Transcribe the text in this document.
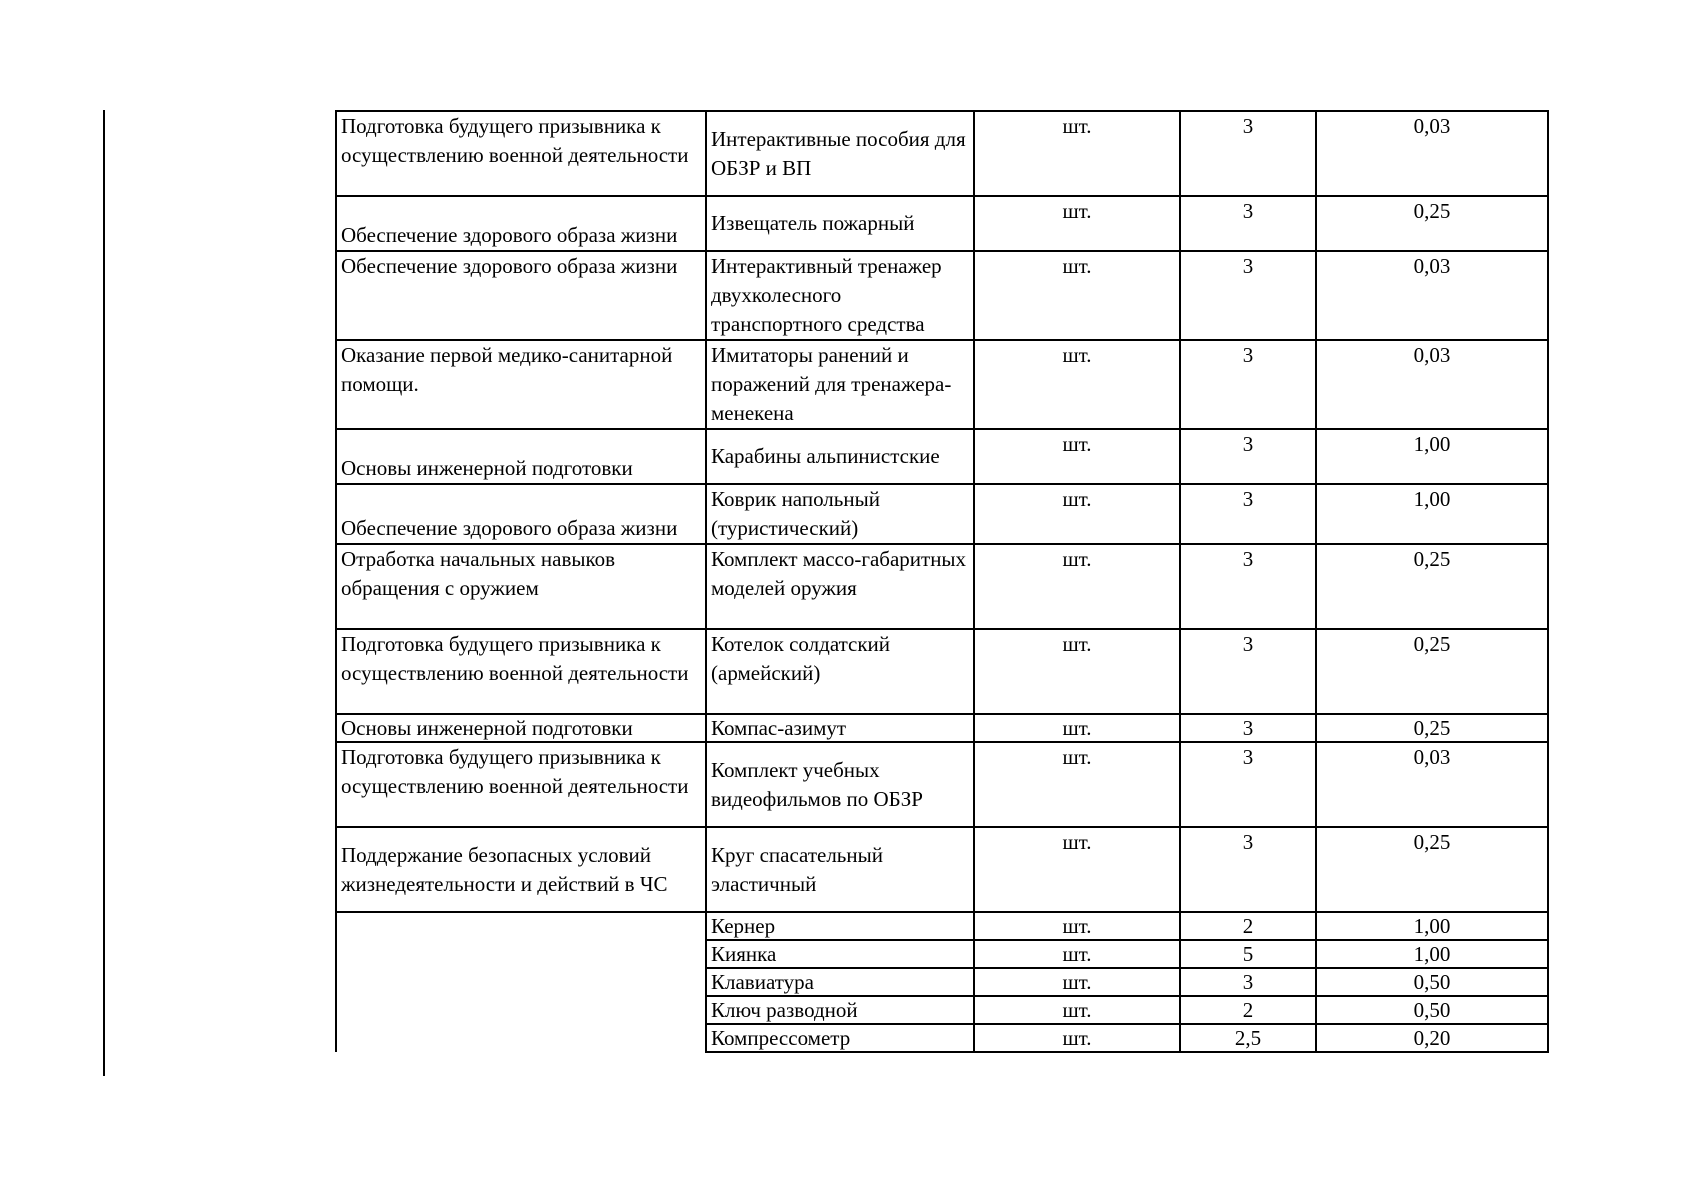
Подготовка будущего призывника к осуществлению военной деятельности	Интерактивные пособия для ОБЗР и ВП	шт.	3	0,03
Обеспечение здорового образа жизни	Извещатель пожарный	шт.	3	0,25
Обеспечение здорового образа жизни	Интерактивный тренажер двухколесного транспортного средства	шт.	3	0,03
Оказание первой медико-санитарной помощи.	Имитаторы ранений и поражений для тренажера-менекена	шт.	3	0,03
Основы инженерной подготовки	Карабины альпинистские	шт.	3	1,00
Обеспечение здорового образа жизни	Коврик напольный (туристический)	шт.	3	1,00
Отработка начальных навыков обращения с оружием	Комплект массо-габаритных моделей оружия	шт.	3	0,25
Подготовка будущего призывника к осуществлению военной деятельности	Котелок солдатский (армейский)	шт.	3	0,25
Основы инженерной подготовки	Компас-азимут	шт.	3	0,25
Подготовка будущего призывника к осуществлению военной деятельности	Комплект учебных видеофильмов по ОБЗР	шт.	3	0,03
Поддержание безопасных условий жизнедеятельности и действий в ЧС	Круг спасательный эластичный	шт.	3	0,25
	Кернер	шт.	2	1,00
	Киянка	шт.	5	1,00
	Клавиатура	шт.	3	0,50
	Ключ разводной	шт.	2	0,50
	Компрессометр	шт.	2,5	0,20
